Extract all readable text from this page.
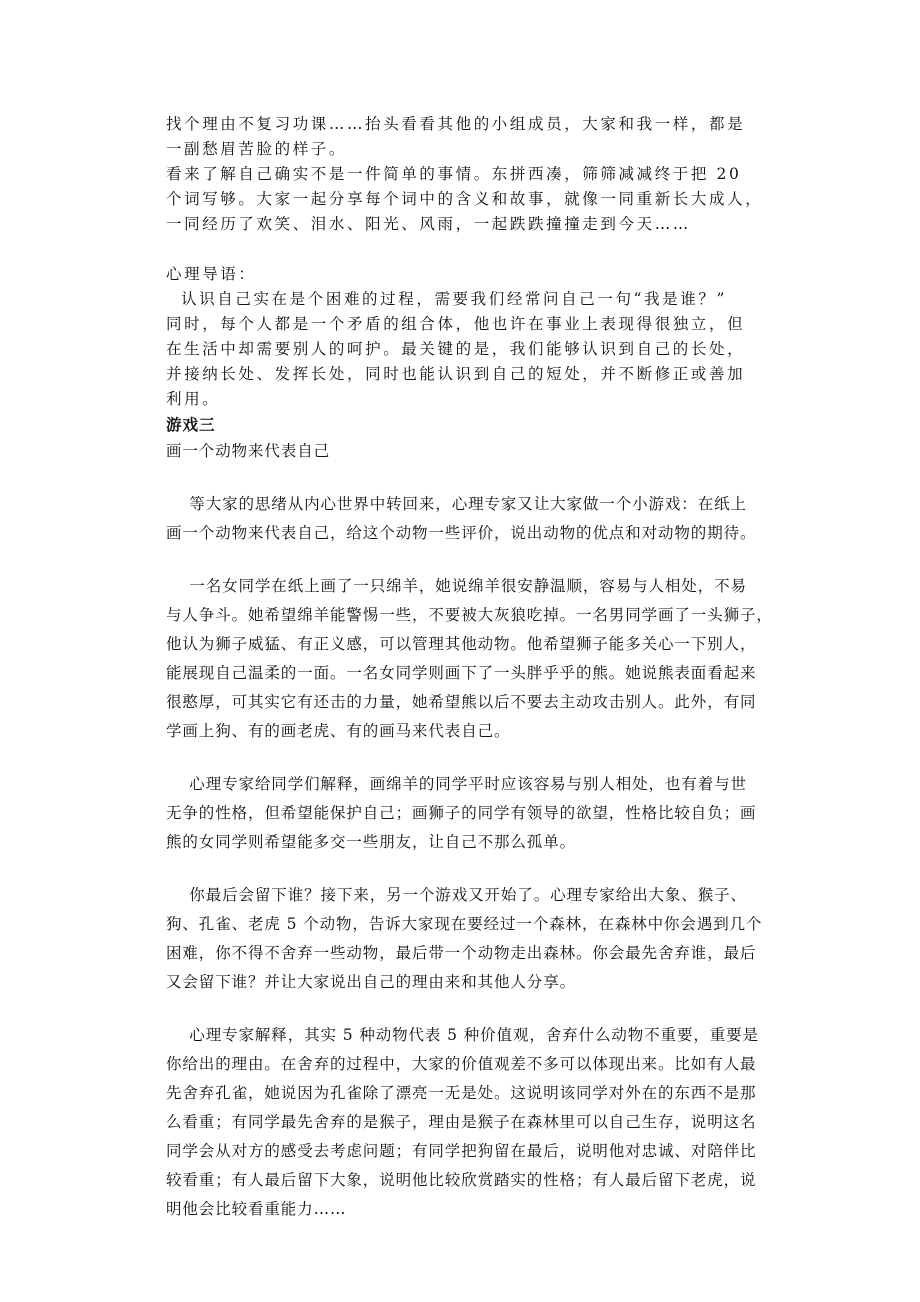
找个理由不复习功课……抬头看看其他的小组成员，大家和我一样，都是

一副愁眉苦脸的样子。

看来了解自己确实不是一件简单的事情。东拼西凑，筛筛减减终于把 20

个词写够。大家一起分享每个词中的含义和故事，就像一同重新长大成人，

一同经历了欢笑、泪水、阳光、风雨，一起跌跌撞撞走到今天……

心理导语：

认识自己实在是个困难的过程，需要我们经常问自己一句“我是谁？”

同时，每个人都是一个矛盾的组合体，他也许在事业上表现得很独立，但

在生活中却需要别人的呵护。最关键的是，我们能够认识到自己的长处，

并接纳长处、发挥长处，同时也能认识到自己的短处，并不断修正或善加

利用。

游戏三

画一个动物来代表自己

等大家的思绪从内心世界中转回来，心理专家又让大家做一个小游戏：在纸上

画一个动物来代表自己，给这个动物一些评价，说出动物的优点和对动物的期待。

一名女同学在纸上画了一只绵羊，她说绵羊很安静温顺，容易与人相处，不易

与人争斗。她希望绵羊能警惕一些，不要被大灰狼吃掉。一名男同学画了一头狮子，

他认为狮子威猛、有正义感，可以管理其他动物。他希望狮子能多关心一下别人，

能展现自己温柔的一面。一名女同学则画下了一头胖乎乎的熊。她说熊表面看起来

很憨厚，可其实它有还击的力量，她希望熊以后不要去主动攻击别人。此外，有同

学画上狗、有的画老虎、有的画马来代表自己。

心理专家给同学们解释，画绵羊的同学平时应该容易与别人相处，也有着与世

无争的性格，但希望能保护自己；画狮子的同学有领导的欲望，性格比较自负；画

熊的女同学则希望能多交一些朋友，让自己不那么孤单。

你最后会留下谁？接下来，另一个游戏又开始了。心理专家给出大象、猴子、

狗、孔雀、老虎 5 个动物，告诉大家现在要经过一个森林，在森林中你会遇到几个

困难，你不得不舍弃一些动物，最后带一个动物走出森林。你会最先舍弃谁，最后

又会留下谁？并让大家说出自己的理由来和其他人分享。

心理专家解释，其实 5 种动物代表 5 种价值观，舍弃什么动物不重要，重要是

你给出的理由。在舍弃的过程中，大家的价值观差不多可以体现出来。比如有人最

先舍弃孔雀，她说因为孔雀除了漂亮一无是处。这说明该同学对外在的东西不是那

么看重；有同学最先舍弃的是猴子，理由是猴子在森林里可以自己生存，说明这名

同学会从对方的感受去考虑问题；有同学把狗留在最后，说明他对忠诚、对陪伴比

较看重；有人最后留下大象，说明他比较欣赏踏实的性格；有人最后留下老虎，说

明他会比较看重能力……
